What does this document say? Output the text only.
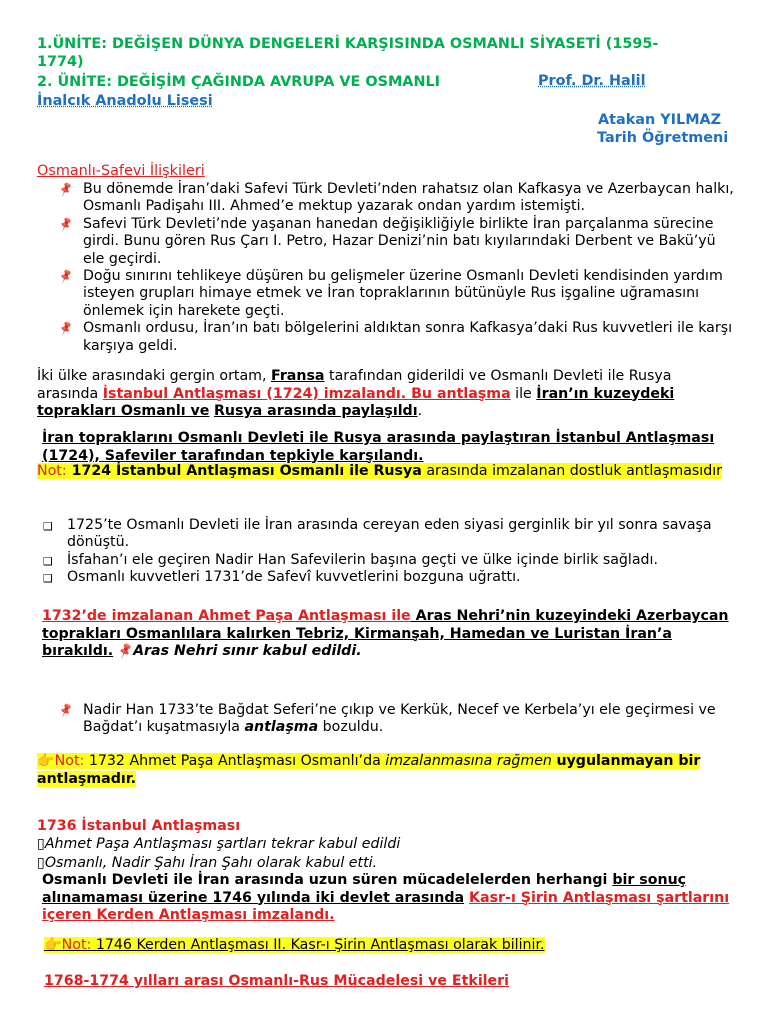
1.ÜNİTE: DEĞİŞEN DÜNYA DENGELERİ KARŞISINDA OSMANLI SİYASETİ (1595-
1774)
2. ÜNİTE: DEĞİŞİM ÇAĞINDA AVRUPA VE OSMANLI	Prof. Dr. Halil
İnalcık Anadolu Lisesi
Atakan YILMAZ
Tarih Öğretmeni
Osmanlı-Safevi İlişkileri
📌 Bu dönemde İran’daki Safevi Türk Devleti’nden rahatsız olan Kafkasya ve Azerbaycan halkı, Osmanlı Padişahı III. Ahmed’e mektup yazarak ondan yardım istemişti.
📌 Safevi Türk Devleti’nde yaşanan hanedan değişikliğiyle birlikte İran parçalanma sürecine girdi. Bunu gören Rus Çarı I. Petro, Hazar Denizi’nin batı kıyılarındaki Derbent ve Bakü’yü ele geçirdi.
📌 Doğu sınırını tehlikeye düşüren bu gelişmeler üzerine Osmanlı Devleti kendisinden yardım isteyen grupları himaye etmek ve İran topraklarının bütünüyle Rus işgaline uğramasını önlemek için harekete geçti.
📌 Osmanlı ordusu, İran’ın batı bölgelerini aldıktan sonra Kafkasya’daki Rus kuvvetleri ile karşı karşıya geldi.
İki ülke arasındaki gergin ortam, Fransa tarafından giderildi ve Osmanlı Devleti ile Rusya arasında İstanbul Antlaşması (1724) imzalandı. Bu antlaşma ile İran’ın kuzeydeki toprakları Osmanlı ve Rusya arasında paylaşıldı.
İran topraklarını Osmanlı Devleti ile Rusya arasında paylaştıran İstanbul Antlaşması (1724), Safeviler tarafından tepkiyle karşılandı.
Not: 1724 İstanbul Antlaşması Osmanlı ile Rusya arasında imzalanan dostluk antlaşmasıdır
❑ 1725’te Osmanlı Devleti ile İran arasında cereyan eden siyasi gerginlik bir yıl sonra savaşa dönüştü.
❑ İsfahan’ı ele geçiren Nadir Han Safevilerin başına geçti ve ülke içinde birlik sağladı.
❑ Osmanlı kuvvetleri 1731’de Safevî kuvvetlerini bozguna uğrattı.
1732’de imzalanan Ahmet Paşa Antlaşması ile Aras Nehri’nin kuzeyindeki Azerbaycan toprakları Osmanlılara kalırken Tebriz, Kirmanşah, Hamedan ve Luristan İran’a bırakıldı. 📌Aras Nehri sınır kabul edildi.
📌 Nadir Han 1733’te Bağdat Seferi’ne çıkıp ve Kerkük, Necef ve Kerbela’yı ele geçirmesi ve Bağdat’ı kuşatmasıyla antlaşma bozuldu.
👉Not: 1732 Ahmet Paşa Antlaşması Osmanlı’da imzalanmasına rağmen uygulanmayan bir antlaşmadır.
1736 İstanbul Antlaşması
▯Ahmet Paşa Antlaşması şartları tekrar kabul edildi
▯Osmanlı, Nadir Şahı İran Şahı olarak kabul etti.
Osmanlı Devleti ile İran arasında uzun süren mücadelelerden herhangi bir sonuç alınamaması üzerine 1746 yılında iki devlet arasında Kasr-ı Şirin Antlaşması şartlarını içeren Kerden Antlaşması imzalandı.
👉Not: 1746 Kerden Antlaşması II. Kasr-ı Şirin Antlaşması olarak bilinir.
1768-1774 yılları arası Osmanlı-Rus Mücadelesi ve Etkileri
